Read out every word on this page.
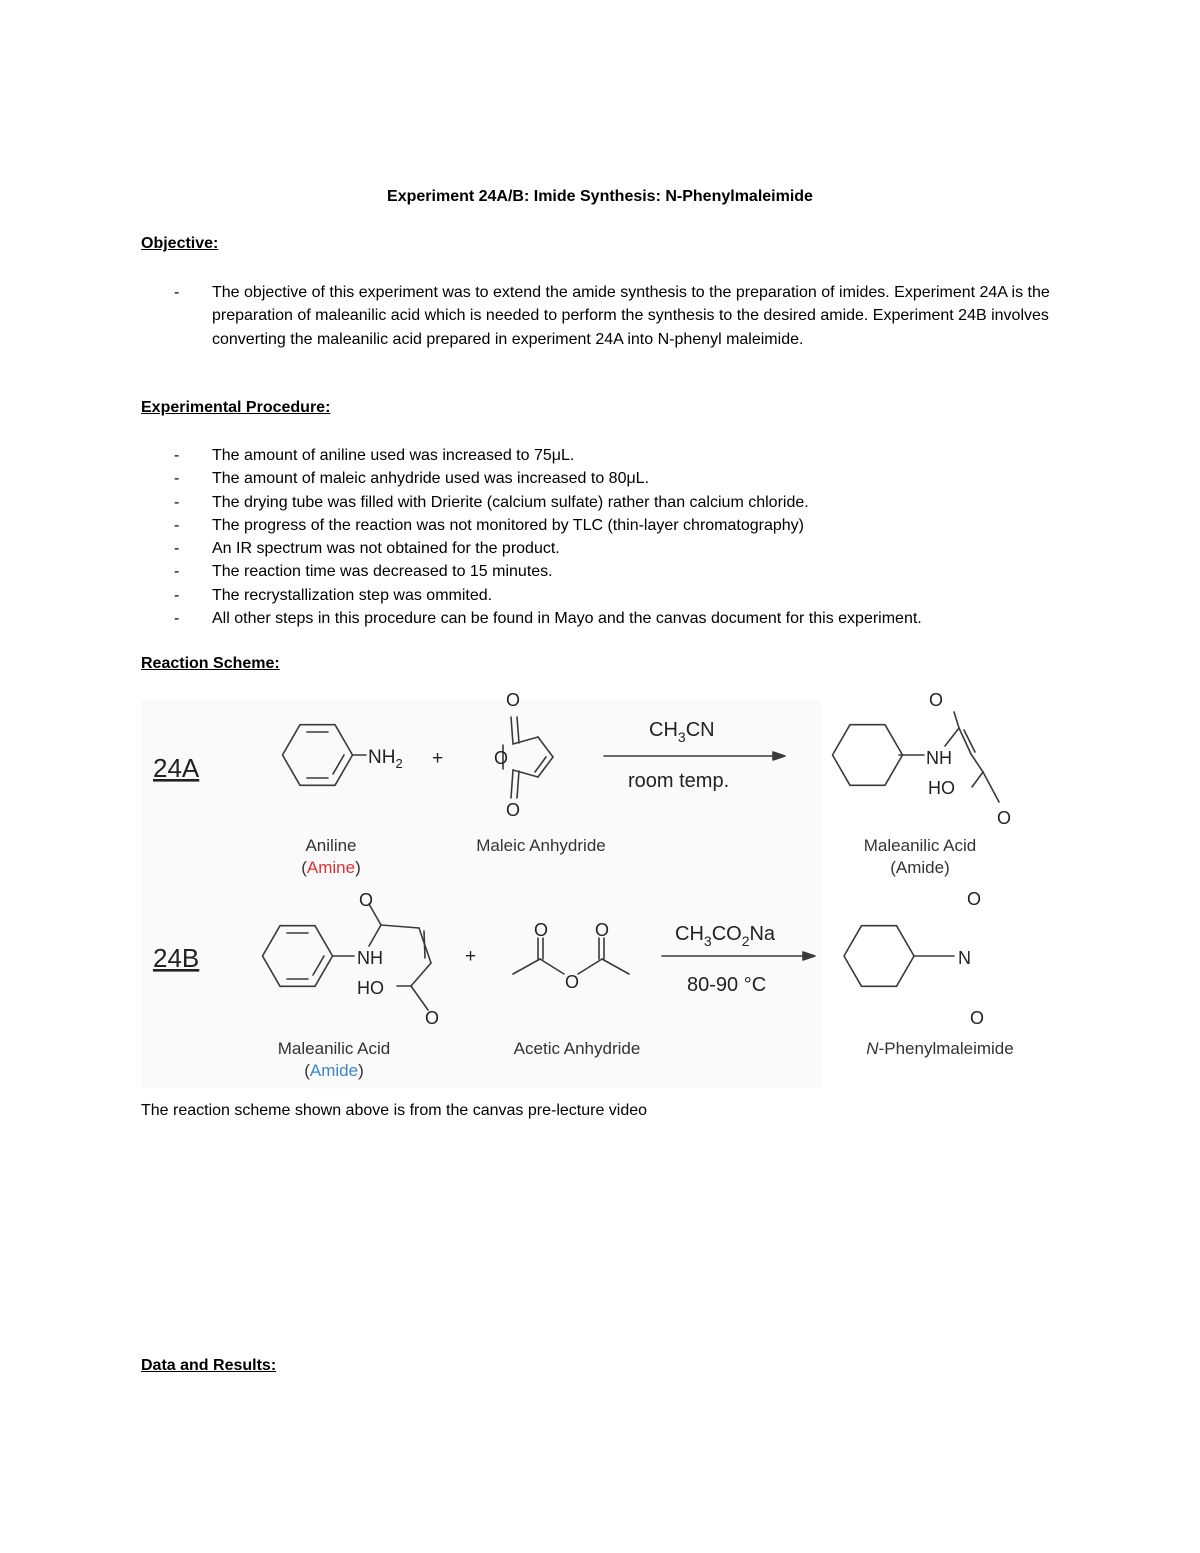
Experiment 24A/B: Imide Synthesis: N-Phenylmaleimide
Objective:
- The objective of this experiment was to extend the amide synthesis to the preparation of imides. Experiment 24A is the preparation of maleanilic acid which is needed to perform the synthesis to the desired amide. Experiment 24B involves converting the maleanilic acid prepared in experiment 24A into N-phenyl maleimide.
Experimental Procedure:
- The amount of aniline used was increased to 75μL.
- The amount of maleic anhydride used was increased to 80μL.
- The drying tube was filled with Drierite (calcium sulfate) rather than calcium chloride.
- The progress of the reaction was not monitored by TLC (thin-layer chromatography)
- An IR spectrum was not obtained for the product.
- The reaction time was decreased to 15 minutes.
- The recrystallization step was ommited.
- All other steps in this procedure can be found in Mayo and the canvas document for this experiment.
Reaction Scheme:
24A	$NH_2$ +
O
O
O
$CH_3CN$
room temp.
O
NH
HO
O
Aniline
(Amine)
Maleic Anhydride	Maleanilic Acid
(Amide)
24B
O
NH
HO
O
+
O	O
O
$CH_3CO_2Na$
80-90 °C
O
N
O
Maleanilic Acid
(Amide)
Acetic Anhydride	N-Phenylmaleimide
The reaction scheme shown above is from the canvas pre-lecture video
Data and Results:
